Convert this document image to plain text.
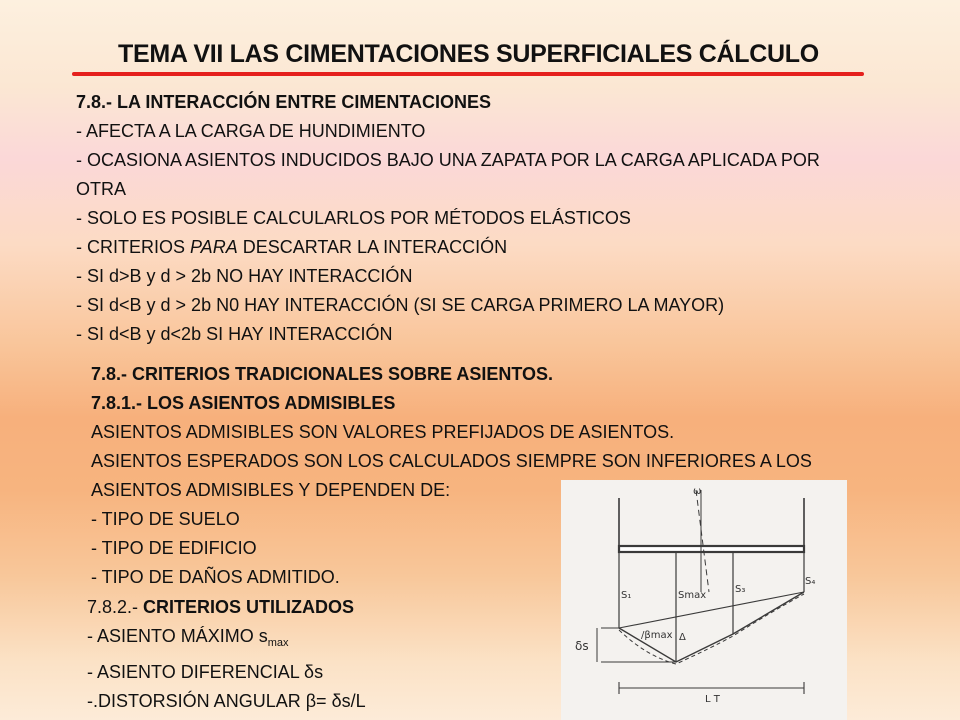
TEMA VII LAS CIMENTACIONES SUPERFICIALES CÁLCULO
7.8.- LA INTERACCIÓN ENTRE CIMENTACIONES
- AFECTA A LA CARGA DE HUNDIMIENTO
- OCASIONA ASIENTOS INDUCIDOS BAJO UNA ZAPATA POR LA CARGA APLICADA POR
OTRA
- SOLO ES POSIBLE CALCULARLOS POR MÉTODOS ELÁSTICOS
- CRITERIOS PARA DESCARTAR LA INTERACCIÓN
- SI d>B y d > 2b NO HAY INTERACCIÓN
- SI d<B y d > 2b N0 HAY INTERACCIÓN (SI SE CARGA PRIMERO LA MAYOR)
- SI d<B y d<2b SI HAY INTERACCIÓN
7.8.- CRITERIOS TRADICIONALES SOBRE ASIENTOS.
7.8.1.- LOS ASIENTOS ADMISIBLES
ASIENTOS ADMISIBLES SON VALORES PREFIJADOS DE ASIENTOS.
ASIENTOS ESPERADOS SON LOS CALCULADOS SIEMPRE SON INFERIORES A LOS
ASIENTOS ADMISIBLES Y DEPENDEN DE:
- TIPO DE SUELO
- TIPO DE EDIFICIO
- TIPO DE DAÑOS ADMITIDO.
7.8.2.- CRITERIOS UTILIZADOS
- ASIENTO MÁXIMO $s_{max}$
- ASIENTO DIFERENCIAL δs
-.DISTORSIÓN ANGULAR β= δs/L
ω
S₁	Smax
S₃
S₄
δs
/βmax Δ
L T
